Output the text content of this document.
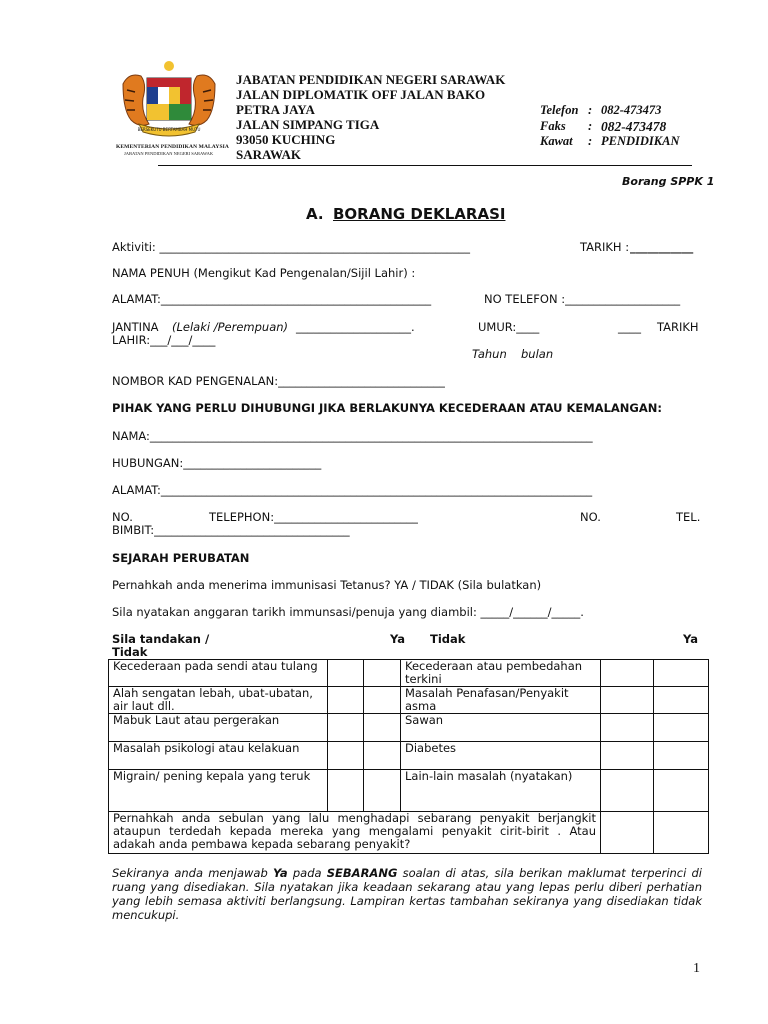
BERSEKUTU BERTAMBAH MUTU
KEMENTERIAN PENDIDIKAN MALAYSIA
JABATAN PENDIDIKAN NEGERI SARAWAK
JABATAN PENDIDIKAN NEGERI SARAWAK
JALAN DIPLOMATIK OFF JALAN BAKO
PETRA JAYA
JALAN SIMPANG TIGA
93050 KUCHING
SARAWAK
Telefon : 082-473473
Faks : 082-473478
Kawat : PENDIDIKAN
Borang SPPK 1
A. BORANG DEKLARASI
Aktiviti: ______________________________________________________	TARIKH : ___________
NAMA PENUH (Mengikut Kad Pengenalan/Sijil Lahir) :
ALAMAT:_______________________________________________	NO TELEFON :____________________
JANTINA (Lelaki /Perempuan) ____________________.	UMUR:____	____ TARIKH
LAHIR:___/___/____
Tahun bulan
NOMBOR KAD PENGENALAN:_____________________________
PIHAK YANG PERLU DIHUBUNGI JIKA BERLAKUNYA KECEDERAAN ATAU KEMALANGAN:
NAMA:_____________________________________________________________________________
HUBUNGAN:________________________
ALAMAT:___________________________________________________________________________
NO.	TELEPHON:_________________________	NO.	TEL.
BIMBIT:__________________________________
SEJARAH PERUBATAN
Pernahkah anda menerima immunisasi Tetanus? YA / TIDAK (Sila bulatkan)
Sila nyatakan anggaran tarikh immunsasi/penuja yang diambil: _____/______/_____.
Sila tandakan /
Tidak
Ya Tidak	Ya
Kecederaan pada sendi atau tulang			Kecederaan atau pembedahan terkini		
Alah sengatan lebah, ubat-ubatan, air laut dll.			Masalah Penafasan/Penyakit asma		
Mabuk Laut atau pergerakan			Sawan		
Masalah psikologi atau kelakuan			Diabetes		
Migrain/ pening kepala yang teruk			Lain-lain masalah (nyatakan)		
Pernahkah anda sebulan yang lalu menghadapi sebarang penyakit berjangkit ataupun terdedah kepada mereka yang mengalami penyakit cirit-birit . Atau adakah anda pembawa kepada sebarang penyakit?					
Sekiranya anda menjawab Ya pada SEBARANG soalan di atas, sila berikan maklumat terperinci di ruang yang disediakan. Sila nyatakan jika keadaan sekarang atau yang lepas perlu diberi perhatian yang lebih semasa aktiviti berlangsung. Lampiran kertas tambahan sekiranya yang disediakan tidak mencukupi.
1
